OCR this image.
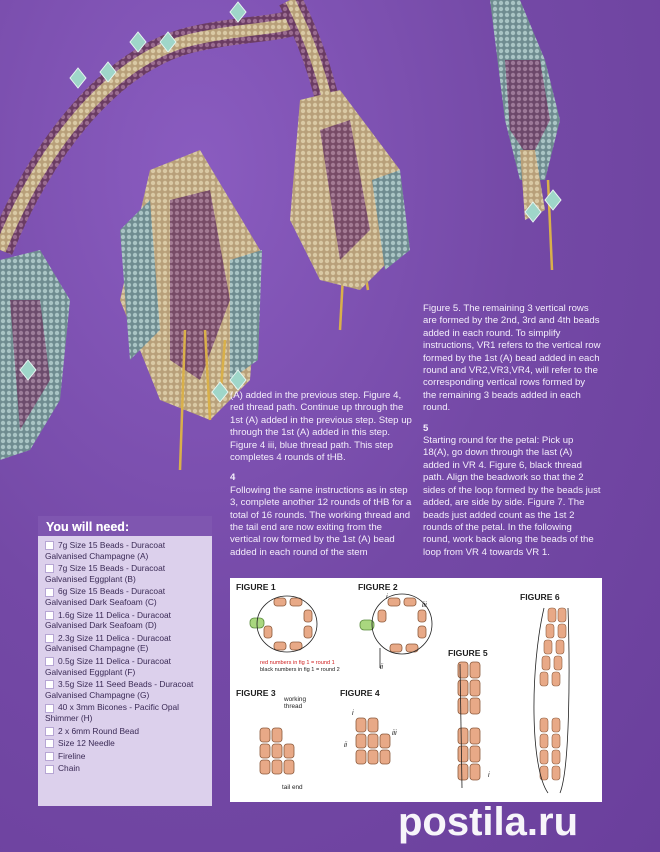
(A) added in the previous step. Figure 4, red thread path. Continue up through the 1st (A) added in the previous step. Step up through the 1st (A) added in this step. Figure 4 iii, blue thread path. This step completes 4 rounds of tHB.

4

Following the same instructions as in step 3, complete another 12 rounds of tHB for a total of 16 rounds. The working thread and the tail end are now exiting from the vertical row formed by the 1st (A) bead added in each round of the stem

Figure 5. The remaining 3 vertical rows are formed by the 2nd, 3rd and 4th beads added in each round. To simplify instructions, VR1 refers to the vertical row formed by the 1st (A) bead added in each round and VR2,VR3,VR4, will refer to the corresponding vertical rows formed by the remaining 3 beads added in each round.

5

Starting round for the petal: Pick up 18(A), go down through the last (A) added in VR 4. Figure 6, black thread path. Align the beadwork so that the 2 sides of the loop formed by the beads just added, are side by side. Figure 7. The beads just added count as the 1st 2 rounds of the petal. In the following round, work back along the beads of the loop from VR 4 towards VR 1.

You will need:
7g Size 15 Beads - Duracoat Galvanised Champagne (A)
7g Size 15 Beads - Duracoat Galvanised Eggplant (B)
6g Size 15 Beads - Duracoat Galvanised Dark Seafoam (C)
1.6g Size 11 Delica - Duracoat Galvanised Dark Seafoam (D)
2.3g Size 11 Delica - Duracoat Galvanised Champagne (E)
0.5g Size 11 Delica - Duracoat Galvanised Eggplant (F)
3.5g Size 11 Seed Beads - Duracoat Galvanised Champagne (G)
40 x 3mm Bicones - Pacific Opal Shimmer (H)
2 x 6mm Round Bead
Size 12 Needle
Fireline
Chain
FIGURE 1
red numbers in fig 1 = round 1
black numbers in fig 1 = round 2
FIGURE 2
i
iii
ii
FIGURE 3
working thread
tail end
FIGURE 4
i
ii
iii
FIGURE 5
i
FIGURE 6
postila.ru
